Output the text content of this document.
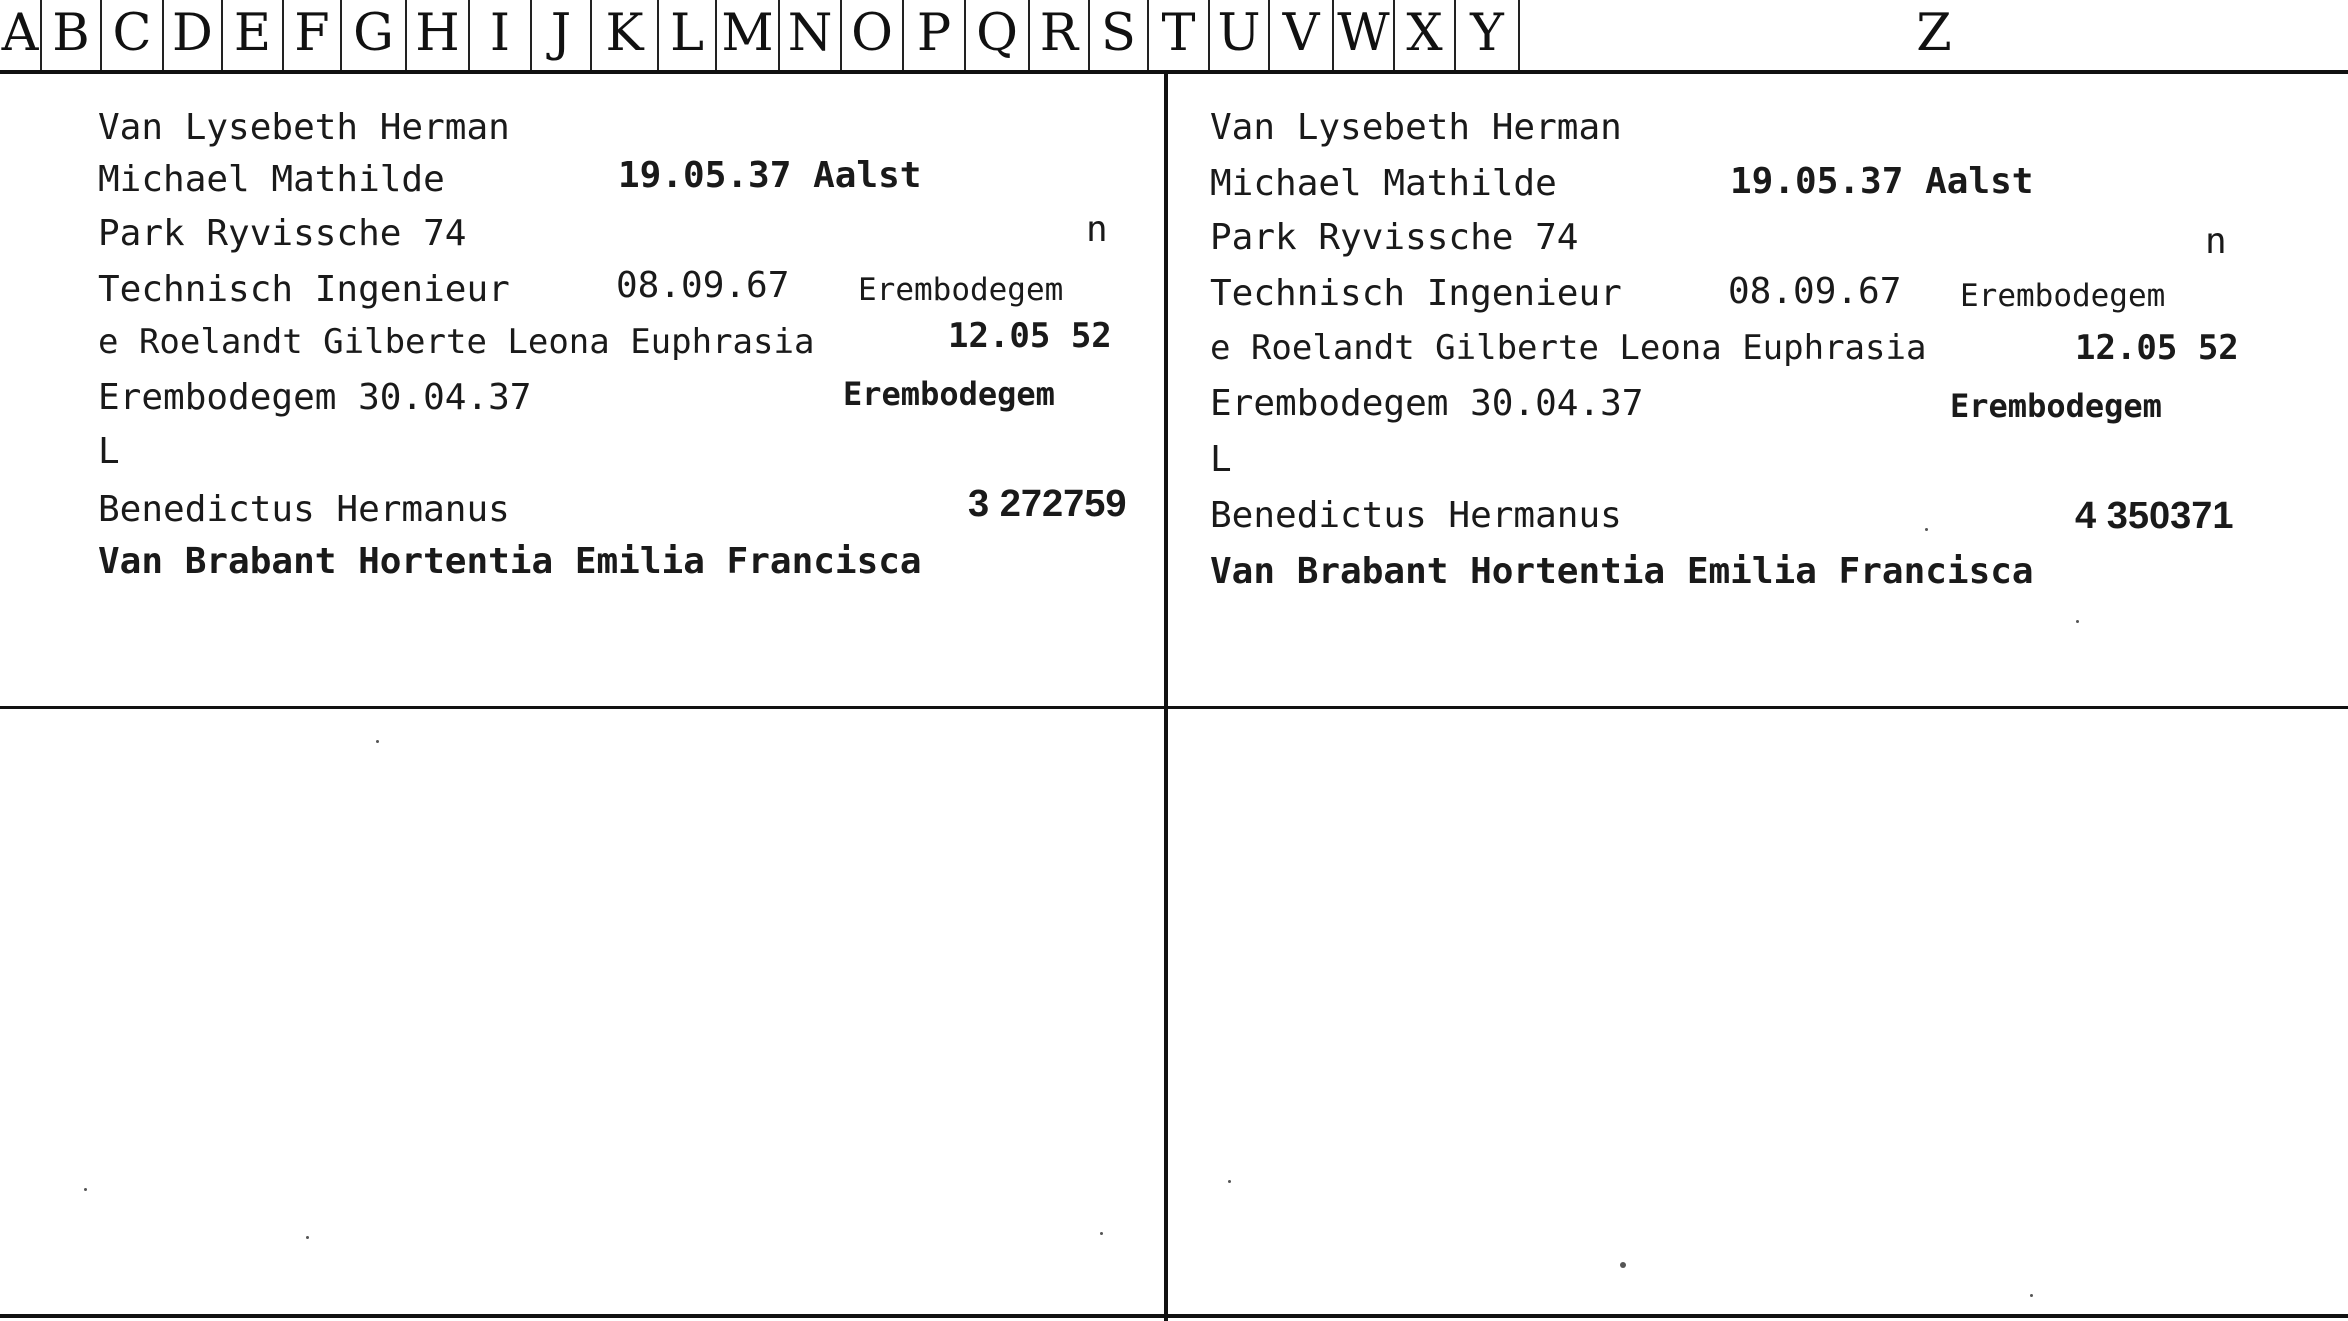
A B C D E F G H I J K L M N O P Q R S T U V W X Y	Z
Van Lysebeth Herman
Michael Mathilde	19.05.37 Aalst
Park Ryvissche 74	n
Technisch Ingenieur	08.09.67 Erembodegem
e Roelandt Gilberte Leona Euphrasia	12.05 52
Erembodegem 30.04.37	Erembodegem
L
Benedictus Hermanus	3 272759
Van Brabant Hortentia Emilia Francisca
Van Lysebeth Herman
Michael Mathilde	19.05.37 Aalst
Park Ryvissche 74	n
Technisch Ingenieur	08.09.67 Erembodegem
e Roelandt Gilberte Leona Euphrasia	12.05 52
Erembodegem 30.04.37	Erembodegem
L
Benedictus Hermanus	4 350371
Van Brabant Hortentia Emilia Francisca
